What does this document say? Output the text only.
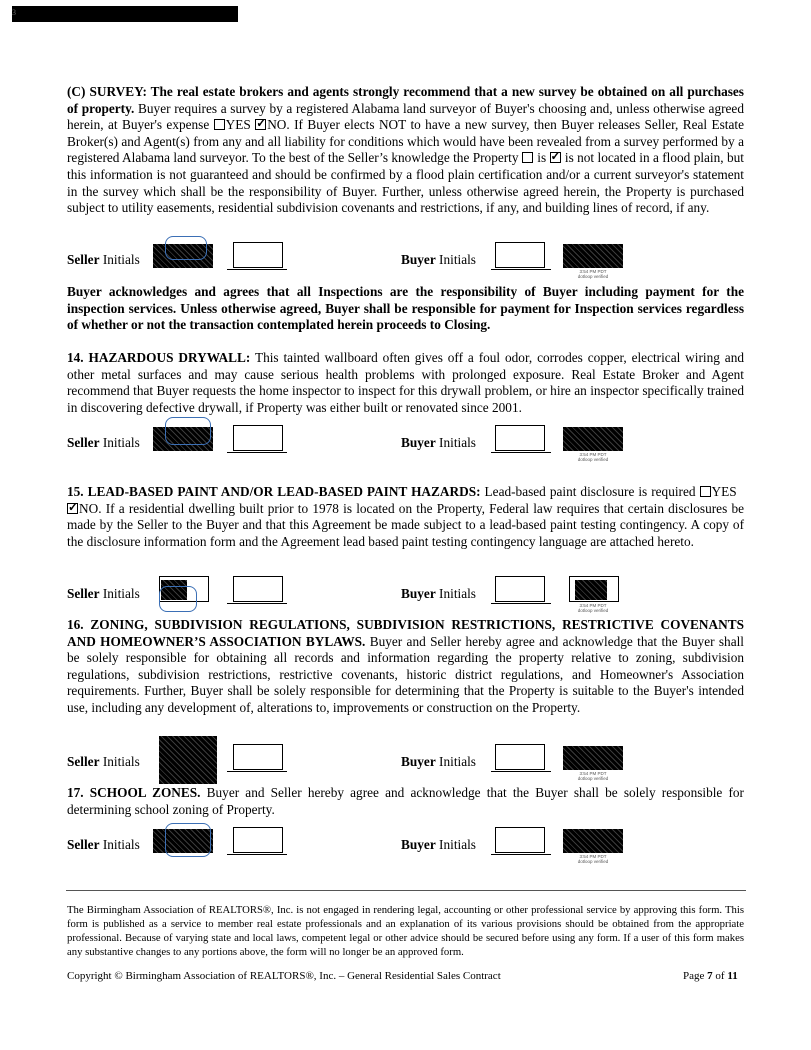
3

(C) SURVEY: The real estate brokers and agents strongly recommend that a new survey be obtained on all purchases of property. Buyer requires a survey by a registered Alabama land surveyor of Buyer's choosing and, unless otherwise agreed herein, at Buyer's expense YES ✓ NO. If Buyer elects NOT to have a new survey, then Buyer releases Seller, Real Estate Broker(s) and Agent(s) from any and all liability for conditions which would have been revealed from a survey performed by a registered Alabama land surveyor. To the best of the Seller’s knowledge the Property is ✓ is not located in a flood plain, but this information is not guaranteed and should be confirmed by a flood plain certification and/or a current surveyor's statement in the survey which shall be the responsibility of Buyer. Further, unless otherwise agreed herein, the Property is purchased subject to utility easements, residential subdivision covenants and restrictions, if any, and building lines of record, if any.

Seller Initials	Buyer Initials
3:54 PM PDT
dotloop verified

Buyer acknowledges and agrees that all Inspections are the responsibility of Buyer including payment for the inspection services. Unless otherwise agreed, Buyer shall be responsible for payment for Inspection services regardless of whether or not the transaction contemplated herein proceeds to Closing.

14. HAZARDOUS DRYWALL: This tainted wallboard often gives off a foul odor, corrodes copper, electrical wiring and other metal surfaces and may cause serious health problems with prolonged exposure. Real Estate Broker and Agent recommend that Buyer requests the home inspector to inspect for this drywall problem, or hire an inspector specifically trained in discovering defective drywall, if Property was either built or renovated since 2001.

Seller Initials	Buyer Initials
3:54 PM PDT
dotloop verified

15. LEAD-BASED PAINT AND/OR LEAD-BASED PAINT HAZARDS: Lead-based paint disclosure is required YES   ✓NO. If a residential dwelling built prior to 1978 is located on the Property, Federal law requires that certain disclosures be made by the Seller to the Buyer and that this Agreement be made subject to a lead-based paint testing contingency. A copy of the disclosure information form and the Agreement lead based paint testing contingency language are attached hereto.

Seller Initials	Buyer Initials
3:54 PM PDT
dotloop verified

16. ZONING, SUBDIVISION REGULATIONS, SUBDIVISION RESTRICTIONS, RESTRICTIVE COVENANTS AND HOMEOWNER’S ASSOCIATION BYLAWS. Buyer and Seller hereby agree and acknowledge that the Buyer shall be solely responsible for obtaining all records and information regarding the property relative to zoning, subdivision regulations, subdivision restrictions, restrictive covenants, historic district regulations, and Homeowner's Association requirements. Further, Buyer shall be solely responsible for determining that the Property is suitable to the Buyer's intended use, including any development of, alterations to, improvements or construction on the Property.

Seller Initials	Buyer Initials
3:54 PM PDT
dotloop verified

17. SCHOOL ZONES. Buyer and Seller hereby agree and acknowledge that the Buyer shall be solely responsible for determining school zoning of Property.

Seller Initials	Buyer Initials
3:54 PM PDT
dotloop verified

The Birmingham Association of REALTORS®, Inc. is not engaged in rendering legal, accounting or other professional service by approving this form. This form is published as a service to member real estate professionals and an explanation of its various provisions should be obtained from the appropriate professional. Because of varying state and local laws, competent legal or other advice should be secured before using any form. If a user of this form makes any substantive changes to any portions above, the form will no longer be an approved form.

Copyright © Birmingham Association of REALTORS®, Inc. – General Residential Sales Contract	Page 7 of 11
